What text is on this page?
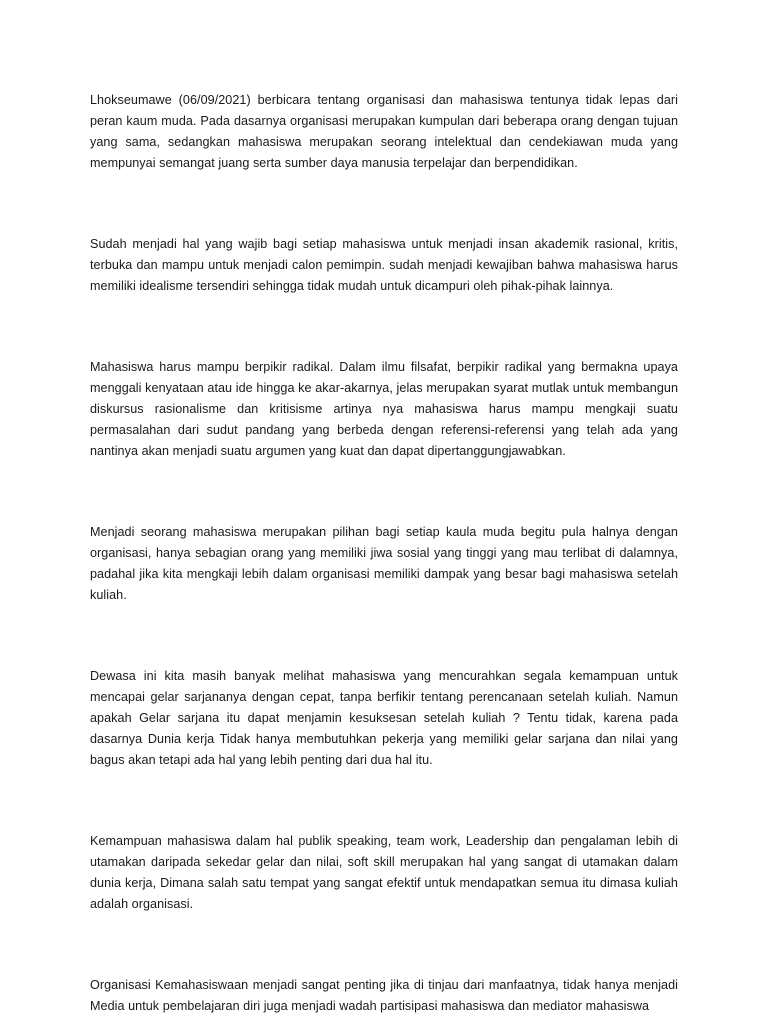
Lhokseumawe (06/09/2021) berbicara tentang organisasi dan mahasiswa tentunya tidak lepas dari peran kaum muda. Pada dasarnya organisasi merupakan kumpulan dari beberapa orang dengan tujuan yang sama, sedangkan mahasiswa merupakan seorang intelektual dan cendekiawan muda yang mempunyai semangat juang serta sumber daya manusia terpelajar dan berpendidikan.

Sudah menjadi hal yang wajib bagi setiap mahasiswa untuk menjadi insan akademik rasional, kritis, terbuka dan mampu untuk menjadi calon pemimpin. sudah menjadi kewajiban bahwa mahasiswa harus memiliki idealisme tersendiri sehingga tidak mudah untuk dicampuri oleh pihak-pihak lainnya.

Mahasiswa harus mampu berpikir radikal. Dalam ilmu filsafat, berpikir radikal yang bermakna upaya menggali kenyataan atau ide hingga ke akar-akarnya, jelas merupakan syarat mutlak untuk membangun diskursus rasionalisme dan kritisisme artinya nya mahasiswa harus mampu mengkaji suatu permasalahan dari sudut pandang yang berbeda dengan referensi-referensi yang telah ada yang nantinya akan menjadi suatu argumen yang kuat dan dapat dipertanggungjawabkan.

Menjadi seorang mahasiswa merupakan pilihan bagi setiap kaula muda begitu pula halnya dengan organisasi, hanya sebagian orang yang memiliki jiwa sosial yang tinggi yang mau terlibat di dalamnya, padahal jika kita mengkaji lebih dalam organisasi memiliki dampak yang besar bagi mahasiswa setelah kuliah.

Dewasa ini kita masih banyak melihat mahasiswa yang mencurahkan segala kemampuan untuk mencapai gelar sarjananya dengan cepat, tanpa berfikir tentang perencanaan setelah kuliah. Namun apakah Gelar sarjana itu dapat menjamin kesuksesan setelah kuliah ? Tentu tidak, karena pada dasarnya Dunia kerja Tidak hanya membutuhkan pekerja yang memiliki gelar sarjana dan nilai yang bagus akan tetapi ada hal yang lebih penting dari dua hal itu.

Kemampuan mahasiswa dalam hal publik speaking, team work, Leadership dan pengalaman lebih di utamakan daripada sekedar gelar dan nilai, soft skill merupakan hal yang sangat di utamakan dalam dunia kerja, Dimana salah satu tempat yang sangat efektif untuk mendapatkan semua itu dimasa kuliah adalah organisasi.

Organisasi Kemahasiswaan menjadi sangat penting jika di tinjau dari manfaatnya, tidak hanya menjadi Media untuk pembelajaran diri juga menjadi wadah partisipasi mahasiswa dan mediator mahasiswa
